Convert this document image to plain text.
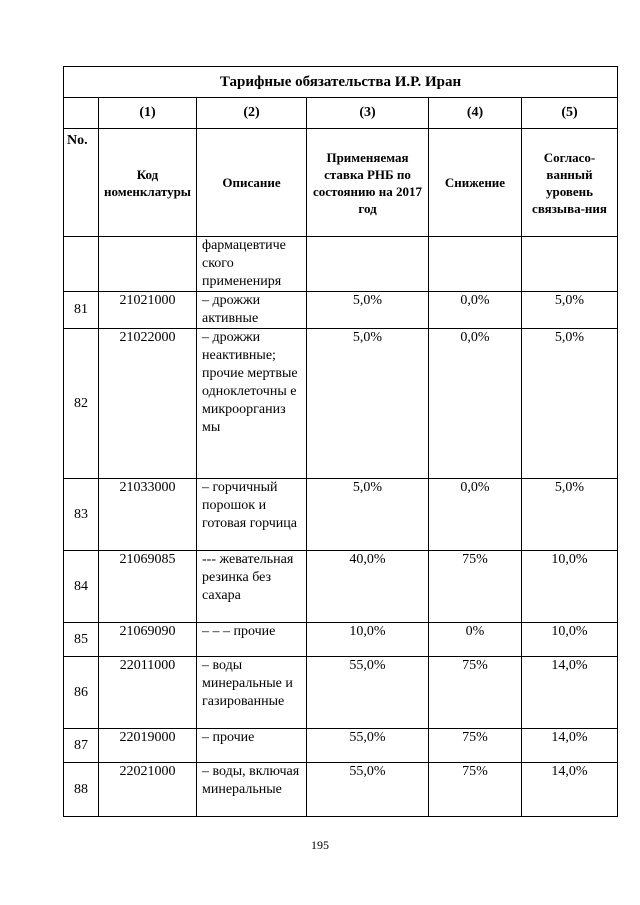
Тарифные обязательства И.Р. Иран					
	(1)	(2)	(3)	(4)	(5)
No.	Код номенклатуры	Описание	Применяемая ставка РНБ по состоянию на 2017 год	Снижение	Согласо-ванный уровень связыва-ния
		фармацевтиче ского применениря			
81	21021000	– дрожжи активные	5,0%	0,0%	5,0%
82	21022000	– дрожжи неактивные; прочие мертвые одноклеточны е микроорганиз мы	5,0%	0,0%	5,0%
83	21033000	– горчичный порошок и готовая горчица	5,0%	0,0%	5,0%
84	21069085	--- жевательная резинка без сахара	40,0%	75%	10,0%
85	21069090	– – – прочие	10,0%	0%	10,0%
86	22011000	– воды минеральные и газированные	55,0%	75%	14,0%
87	22019000	– прочие	55,0%	75%	14,0%
88	22021000	– воды, включая минеральные	55,0%	75%	14,0%
195
